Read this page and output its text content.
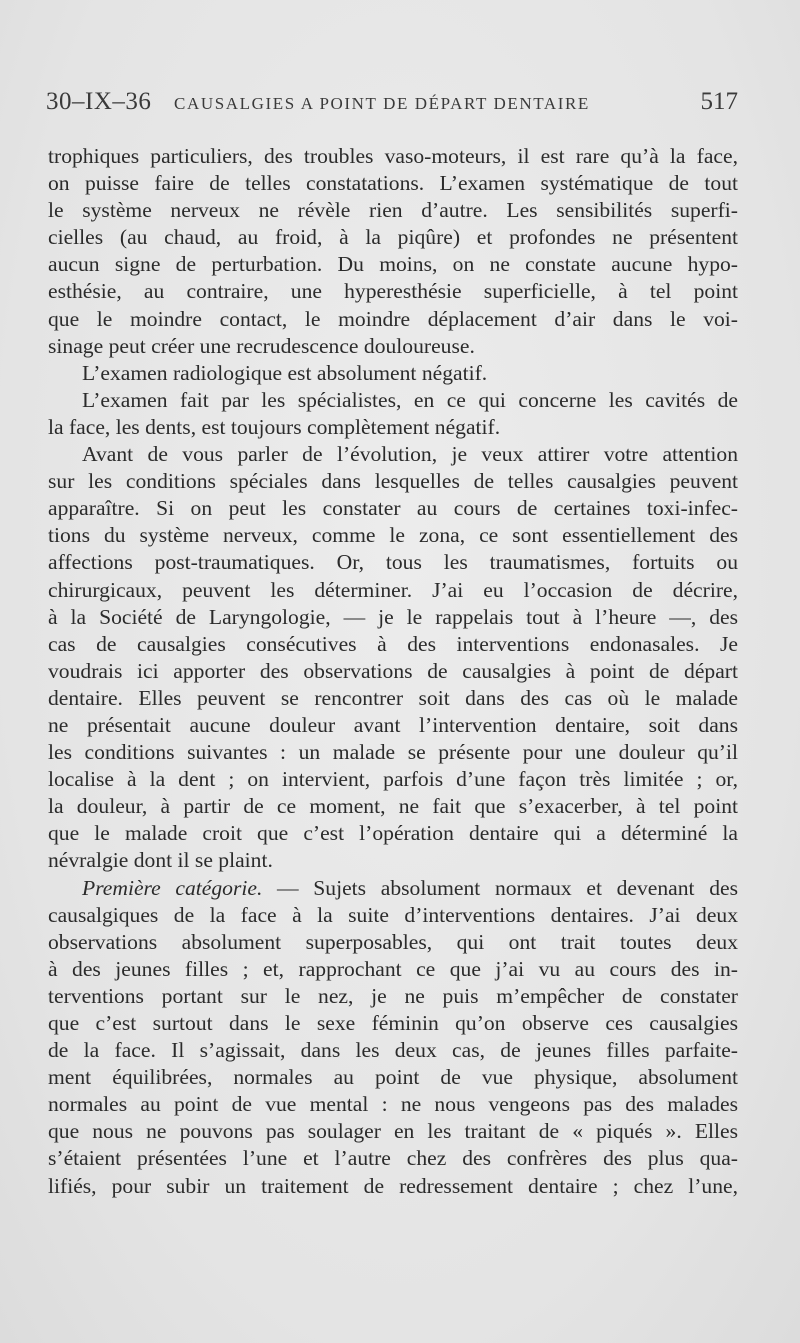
30–IX–36 CAUSALGIES A POINT DE DÉPART DENTAIRE	517
trophiques particuliers, des troubles vaso-moteurs, il est rare qu’à la face,
on puisse faire de telles constatations. L’examen systématique de tout
le système nerveux ne révèle rien d’autre. Les sensibilités superfi-
cielles (au chaud, au froid, à la piqûre) et profondes ne présentent
aucun signe de perturbation. Du moins, on ne constate aucune hypo-
esthésie, au contraire, une hyperesthésie superficielle, à tel point
que le moindre contact, le moindre déplacement d’air dans le voi-
sinage peut créer une recrudescence douloureuse.
L’examen radiologique est absolument négatif.
L’examen fait par les spécialistes, en ce qui concerne les cavités de
la face, les dents, est toujours complètement négatif.
Avant de vous parler de l’évolution, je veux attirer votre attention
sur les conditions spéciales dans lesquelles de telles causalgies peuvent
apparaître. Si on peut les constater au cours de certaines toxi-infec-
tions du système nerveux, comme le zona, ce sont essentiellement des
affections post-traumatiques. Or, tous les traumatismes, fortuits ou
chirurgicaux, peuvent les déterminer. J’ai eu l’occasion de décrire,
à la Société de Laryngologie, — je le rappelais tout à l’heure —, des
cas de causalgies consécutives à des interventions endonasales. Je
voudrais ici apporter des observations de causalgies à point de départ
dentaire. Elles peuvent se rencontrer soit dans des cas où le malade
ne présentait aucune douleur avant l’intervention dentaire, soit dans
les conditions suivantes : un malade se présente pour une douleur qu’il
localise à la dent ; on intervient, parfois d’une façon très limitée ; or,
la douleur, à partir de ce moment, ne fait que s’exacerber, à tel point
que le malade croit que c’est l’opération dentaire qui a déterminé la
névralgie dont il se plaint.
Première catégorie. — Sujets absolument normaux et devenant des
causalgiques de la face à la suite d’interventions dentaires. J’ai deux
observations absolument superposables, qui ont trait toutes deux
à des jeunes filles ; et, rapprochant ce que j’ai vu au cours des in-
terventions portant sur le nez, je ne puis m’empêcher de constater
que c’est surtout dans le sexe féminin qu’on observe ces causalgies
de la face. Il s’agissait, dans les deux cas, de jeunes filles parfaite-
ment équilibrées, normales au point de vue physique, absolument
normales au point de vue mental : ne nous vengeons pas des malades
que nous ne pouvons pas soulager en les traitant de « piqués ». Elles
s’étaient présentées l’une et l’autre chez des confrères des plus qua-
lifiés, pour subir un traitement de redressement dentaire ; chez l’une,
